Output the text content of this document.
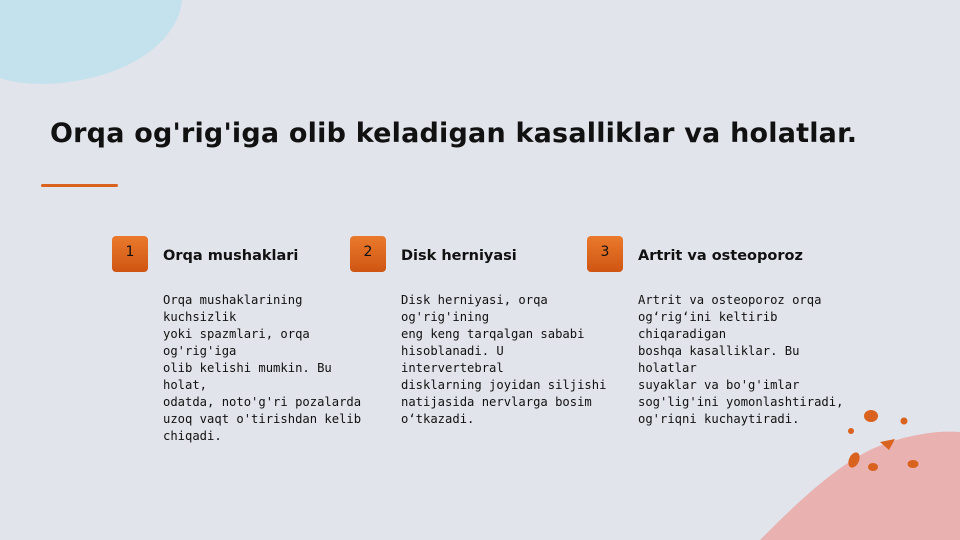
Orqa og'rig'iga olib keladigan kasalliklar va holatlar.
1	Orqa mushaklari
Orqa mushaklarining kuchsizlik
yoki spazmlari, orqa og'rig'iga
olib kelishi mumkin. Bu holat,
odatda, noto'g'ri pozalarda
uzoq vaqt o'tirishdan kelib
chiqadi.
2	Disk herniyasi
Disk herniyasi, orqa og'rig'ining
eng keng tarqalgan sababi
hisoblanadi. U intervertebral
disklarning joyidan siljishi
natijasida nervlarga bosim
o‘tkazadi.
3	Artrit va osteoporoz
Artrit va osteoporoz orqa
og‘rig‘ini keltirib chiqaradigan
boshqa kasalliklar. Bu holatlar
suyaklar va bo'g'imlar
sog'lig'ini yomonlashtiradi,
og'riqni kuchaytiradi.
